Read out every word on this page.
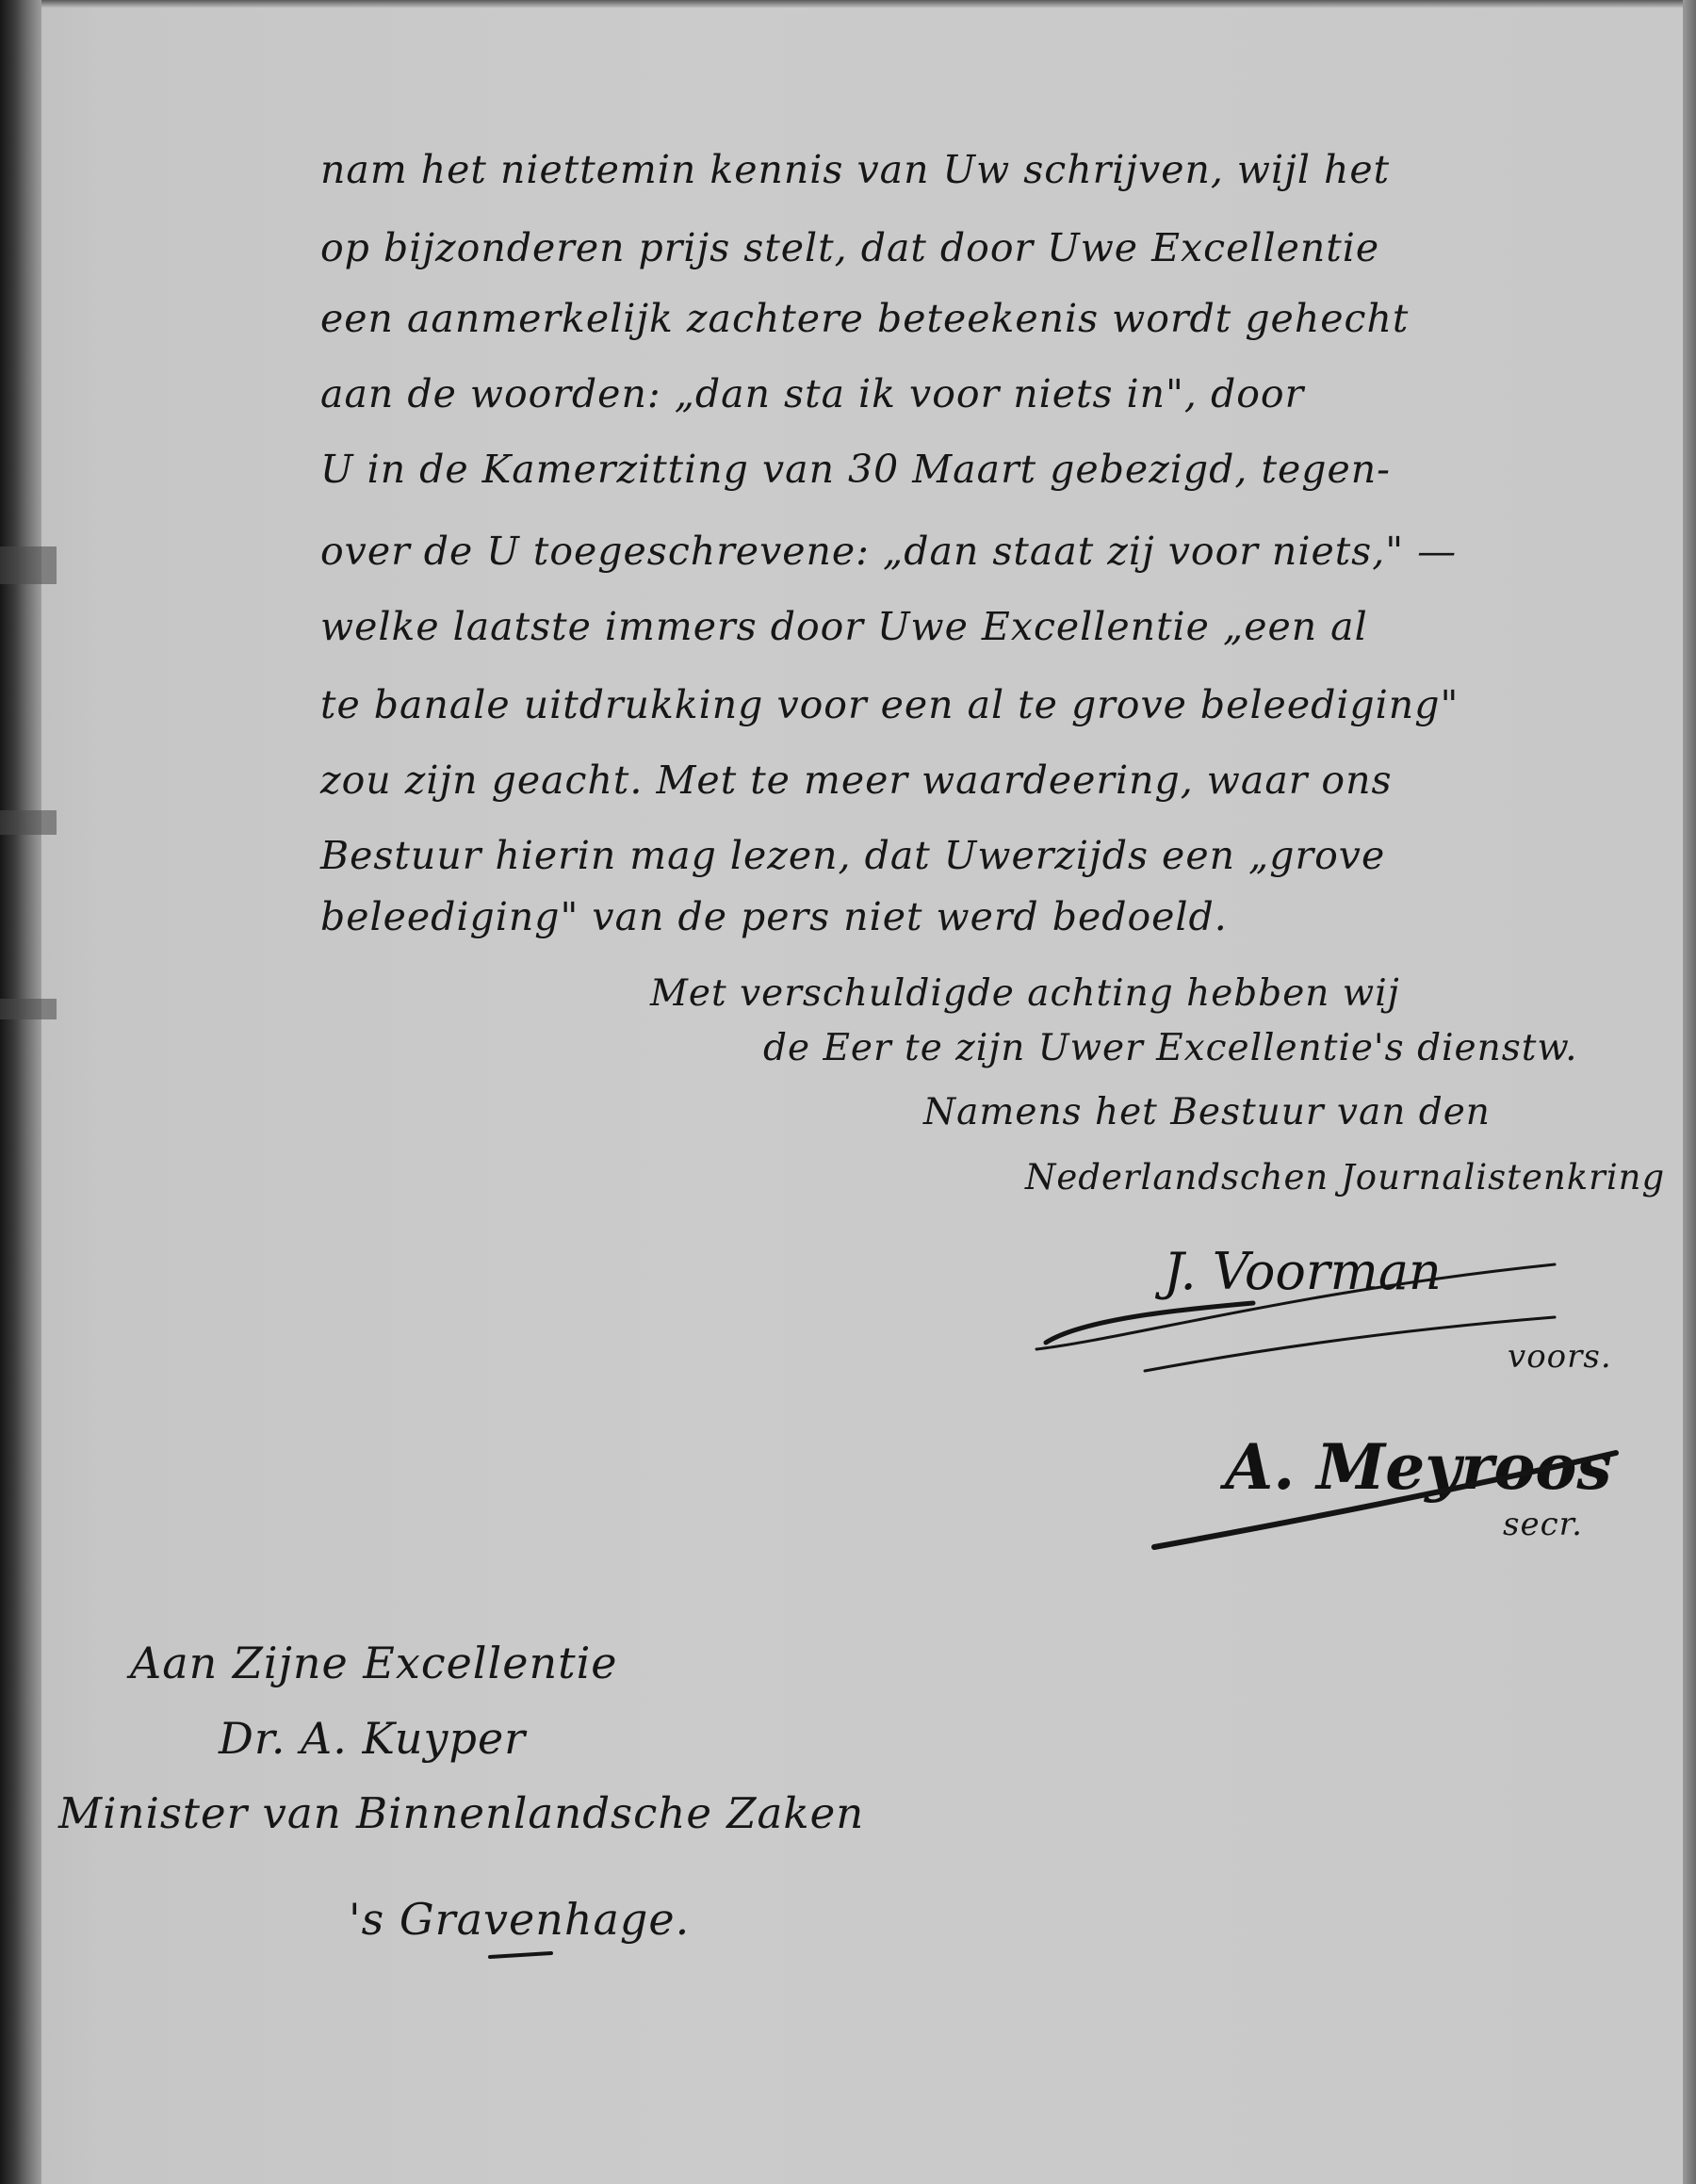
nam het niettemin kennis van Uw schrijven, wijl het
op bijzonderen prijs stelt, dat door Uwe Excellentie
een aanmerkelijk zachtere beteekenis wordt gehecht
aan de woorden: „dan sta ik voor niets in", door
U in de Kamerzitting van 30 Maart gebezigd, tegen-
over de U toegeschrevene: „dan staat zij voor niets," —
welke laatste immers door Uwe Excellentie „een al
te banale uitdrukking voor een al te grove beleediging"
zou zijn geacht. Met te meer waardeering, waar ons
Bestuur hierin mag lezen, dat Uwerzijds een „grove
beleediging" van de pers niet werd bedoeld.
Met verschuldigde achting hebben wij
de Eer te zijn Uwer Excellentie's dienstw.
Namens het Bestuur van den
Nederlandschen Journalistenkring
J. Voorman
voors.
A. Meyroos
secr.
Aan Zijne Excellentie
Dr. A. Kuyper
Minister van Binnenlandsche Zaken
's Gravenhage.
